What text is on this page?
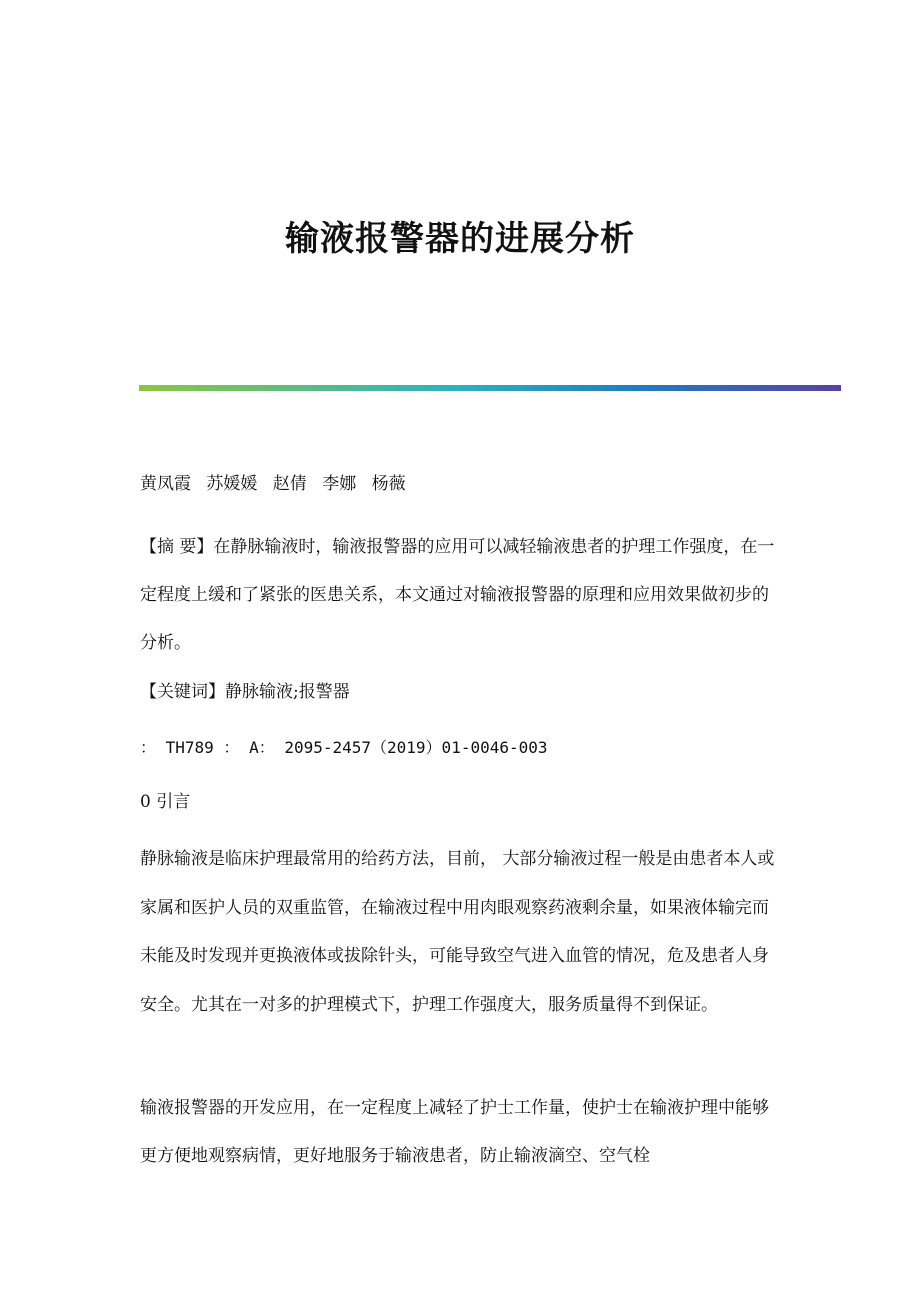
输液报警器的进展分析

黄凤霞 苏媛媛 赵倩 李娜 杨薇

【摘 要】在静脉输液时，输液报警器的应用可以减轻输液患者的护理工作强度，在一定程度上缓和了紧张的医患关系，本文通过对输液报警器的原理和应用效果做初步的分析。

【关键词】静脉输液;报警器

： TH789 ： A： 2095-2457（2019）01-0046-003

0 引言

静脉输液是临床护理最常用的给药方法，目前， 大部分输液过程一般是由患者本人或家属和医护人员的双重监管，在输液过程中用肉眼观察药液剩余量，如果液体输完而未能及时发现并更换液体或拔除针头，可能导致空气进入血管的情况，危及患者人身安全。尤其在一对多的护理模式下，护理工作强度大，服务质量得不到保证。

输液报警器的开发应用，在一定程度上减轻了护士工作量，使护士在输液护理中能够更方便地观察病情，更好地服务于输液患者，防止输液滴空、空气栓
